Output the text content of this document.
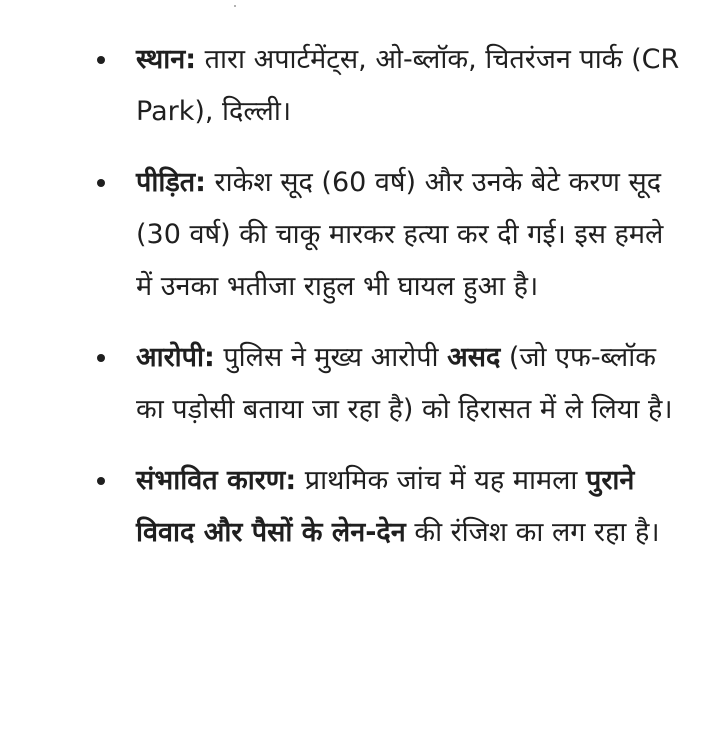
स्थान: तारा अपार्टमेंट्स, ओ-ब्लॉक, चितरंजन पार्क (CR Park), दिल्ली।
पीड़ित: राकेश सूद (60 वर्ष) और उनके बेटे करण सूद (30 वर्ष) की चाकू मारकर हत्या कर दी गई। इस हमले में उनका भतीजा राहुल भी घायल हुआ है।
आरोपी: पुलिस ने मुख्य आरोपी असद (जो एफ-ब्लॉक का पड़ोसी बताया जा रहा है) को हिरासत में ले लिया है।
संभावित कारण: प्राथमिक जांच में यह मामला पुराने विवाद और पैसों के लेन-देन की रंजिश का लग रहा है।
